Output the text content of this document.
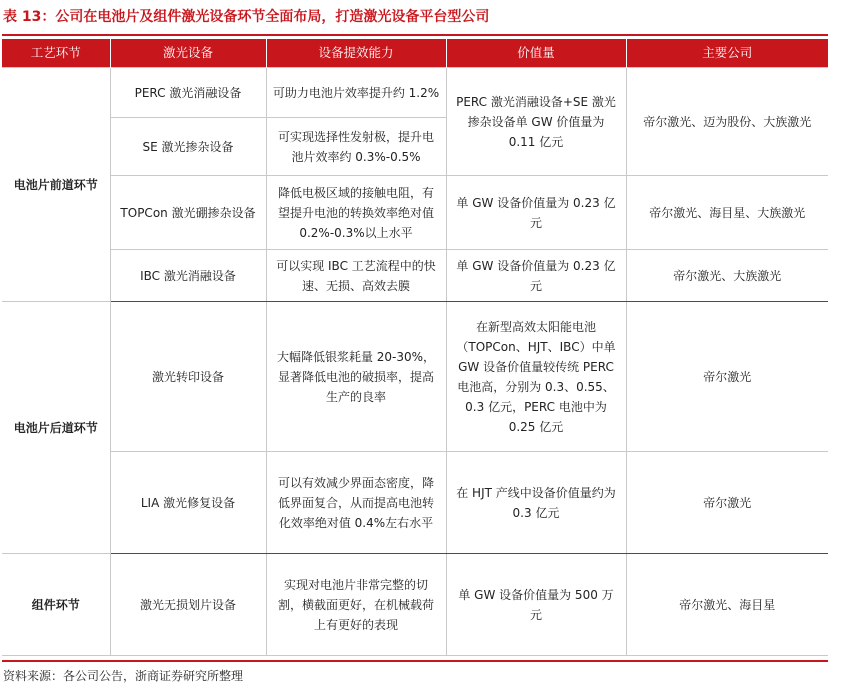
表 13：公司在电池片及组件激光设备环节全面布局，打造激光设备平台型公司
工艺环节	激光设备	设备提效能力	价值量	主要公司
电池片前道环节	PERC 激光消融设备	可助力电池片效率提升约 1.2%	PERC 激光消融设备+SE 激光掺杂设备单 GW 价值量为 0.11 亿元	帝尔激光、迈为股份、大族激光
	SE 激光掺杂设备	可实现选择性发射极，提升电池片效率约 0.3%-0.5%		
	TOPCon 激光硼掺杂设备	降低电极区域的接触电阻，有望提升电池的转换效率绝对值 0.2%-0.3%以上水平	单 GW 设备价值量为 0.23 亿元	帝尔激光、海目星、大族激光
	IBC 激光消融设备	可以实现 IBC 工艺流程中的快速、无损、高效去膜	单 GW 设备价值量为 0.23 亿元	帝尔激光、大族激光
电池片后道环节	激光转印设备	大幅降低银浆耗量 20-30%，显著降低电池的破损率，提高生产的良率	在新型高效太阳能电池（TOPCon、HJT、IBC）中单 GW 设备价值量较传统 PERC 电池高，分别为 0.3、0.55、0.3 亿元，PERC 电池中为 0.25 亿元	帝尔激光
	LIA 激光修复设备	可以有效减少界面态密度，降低界面复合，从而提高电池转化效率绝对值 0.4%左右水平	在 HJT 产线中设备价值量约为 0.3 亿元	帝尔激光
组件环节	激光无损划片设备	实现对电池片非常完整的切割，横截面更好，在机械载荷上有更好的表现	单 GW 设备价值量为 500 万元	帝尔激光、海目星
资料来源：各公司公告，浙商证券研究所整理
